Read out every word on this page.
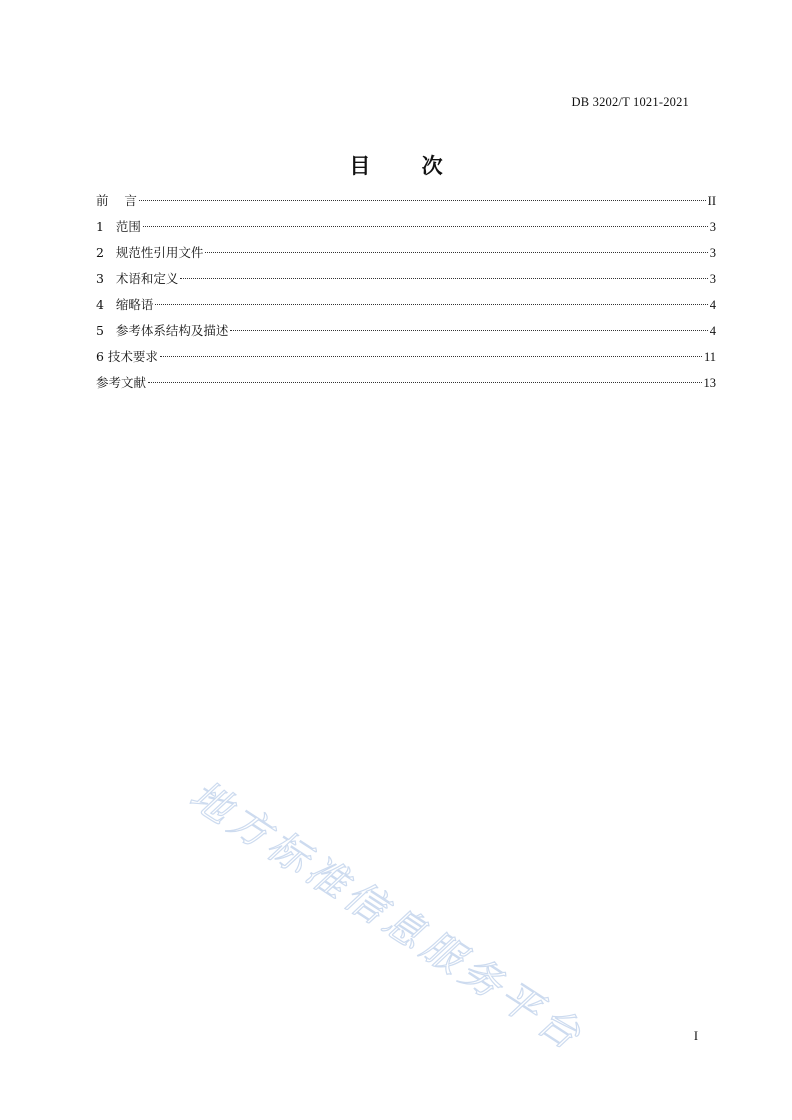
DB 3202/T 1021-2021
目 次
前    言	II
1   范围	3
2   规范性引用文件	3
3   术语和定义	3
4   缩略语	4
5   参考体系结构及描述	4
6 技术要求	11
参考文献	13
地方标准信息服务平台	I
